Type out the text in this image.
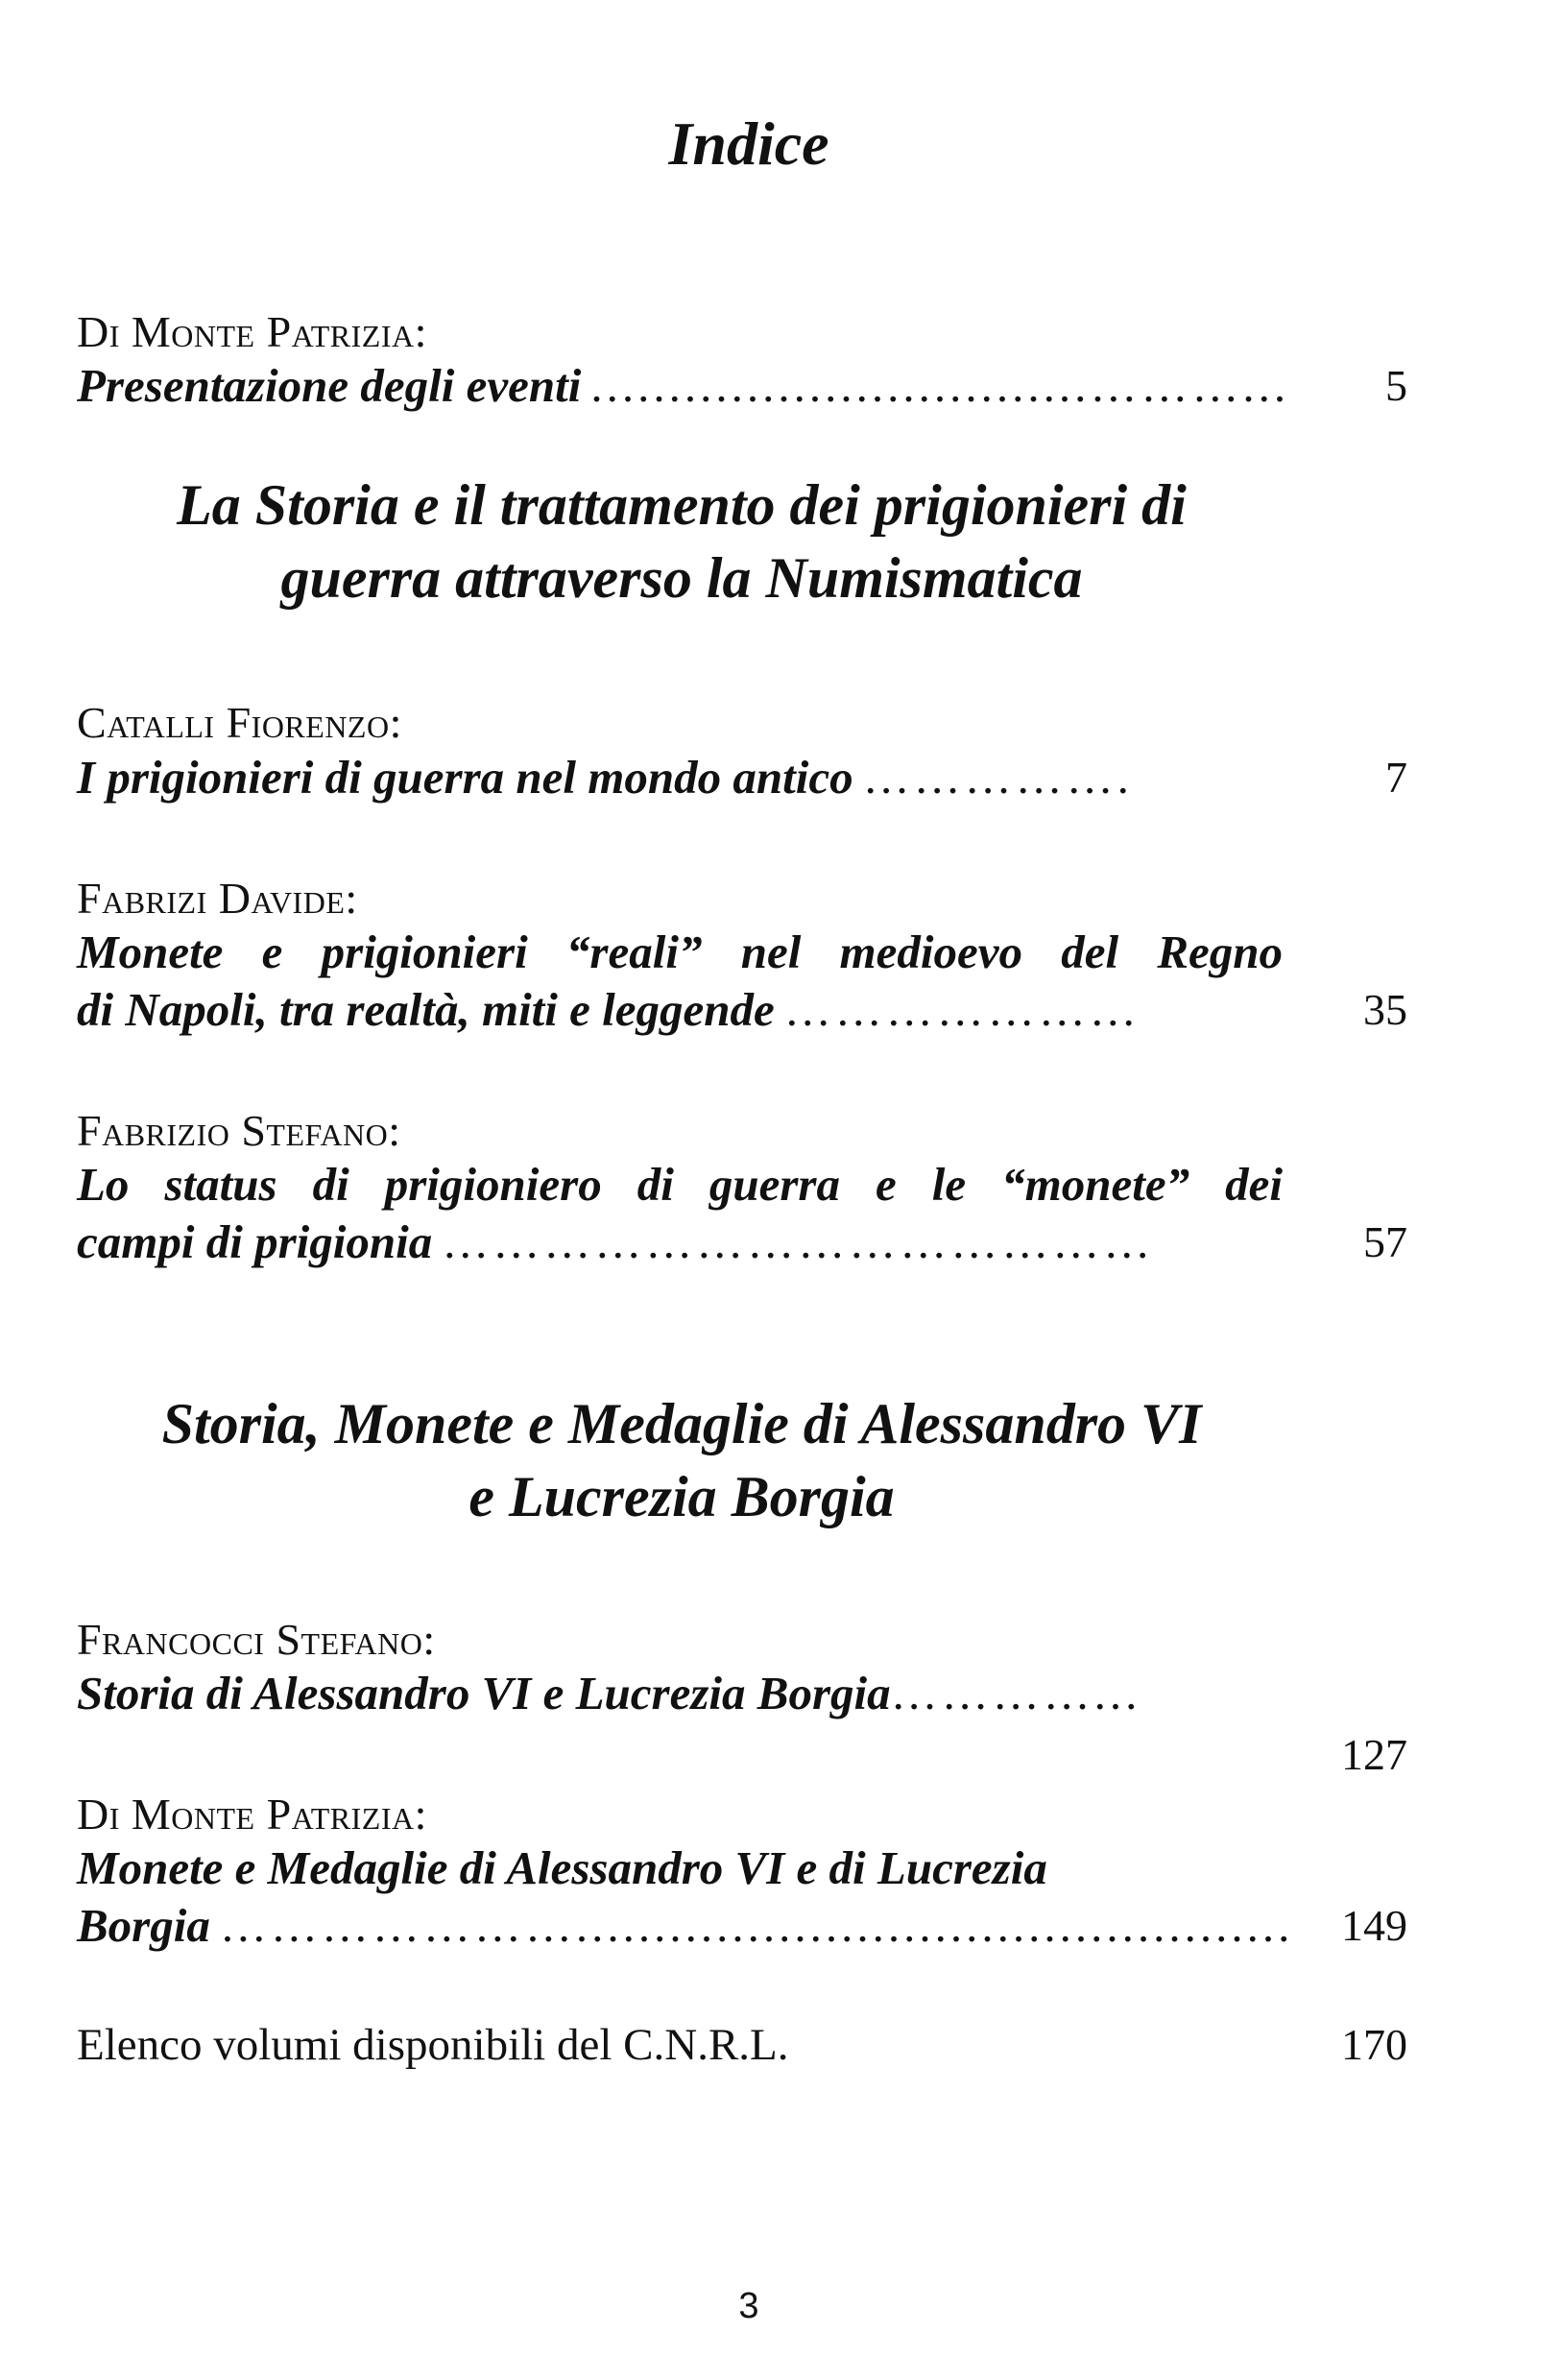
Indice
Di Monte Patrizia:
Presentazione degli eventi ................................………... 5
La Storia e il trattamento dei prigionieri di
guerra attraverso la Numismatica
Catalli Fiorenzo:
I prigionieri di guerra nel mondo antico …………….	7
Fabrizi Davide:
Monete e prigionieri “reali” nel medioevo del Regno
di Napoli, tra realtà, miti e leggende …………………	35
Fabrizio Stefano:
Lo status di prigioniero di guerra e le “monete” dei
campi di prigionia ……………………………………	57
Storia, Monete e Medaglie di Alessandro VI
e Lucrezia Borgia
Francocci Stefano:
Storia di Alessandro VI e Lucrezia Borgia …………...
127
Di Monte Patrizia:
Monete e Medaglie di Alessandro VI e di Lucrezia
Borgia ………………….............................................. 149
Elenco volumi disponibili del C.N.R.L.	170
3
